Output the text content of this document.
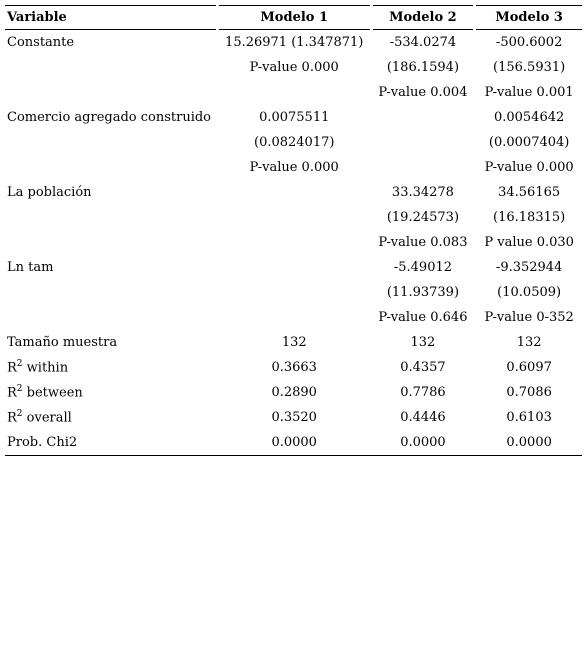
Variable		Modelo 1		Modelo 2		Modelo 3
Constante		15.26971 (1.347871)		-534.0274		-500.6002
		P-value 0.000		(186.1594)		(156.5931)
				P-value 0.004		P-value 0.001
Comercio agregado construido		0.0075511				0.0054642
		(0.0824017)				(0.0007404)
		P-value 0.000				P-value 0.000
La población				33.34278		34.56165
				(19.24573)		(16.18315)
				P-value 0.083		P value 0.030
Ln tam				-5.49012		-9.352944
				(11.93739)		(10.0509)
				P-value 0.646		P-value 0-352
Tamaño muestra		132		132		132
$R^2$ within		0.3663		0.4357		0.6097
$R^2$ between		0.2890		0.7786		0.7086
$R^2$ overall		0.3520		0.4446		0.6103
Prob. Chi2		0.0000		0.0000		0.0000
